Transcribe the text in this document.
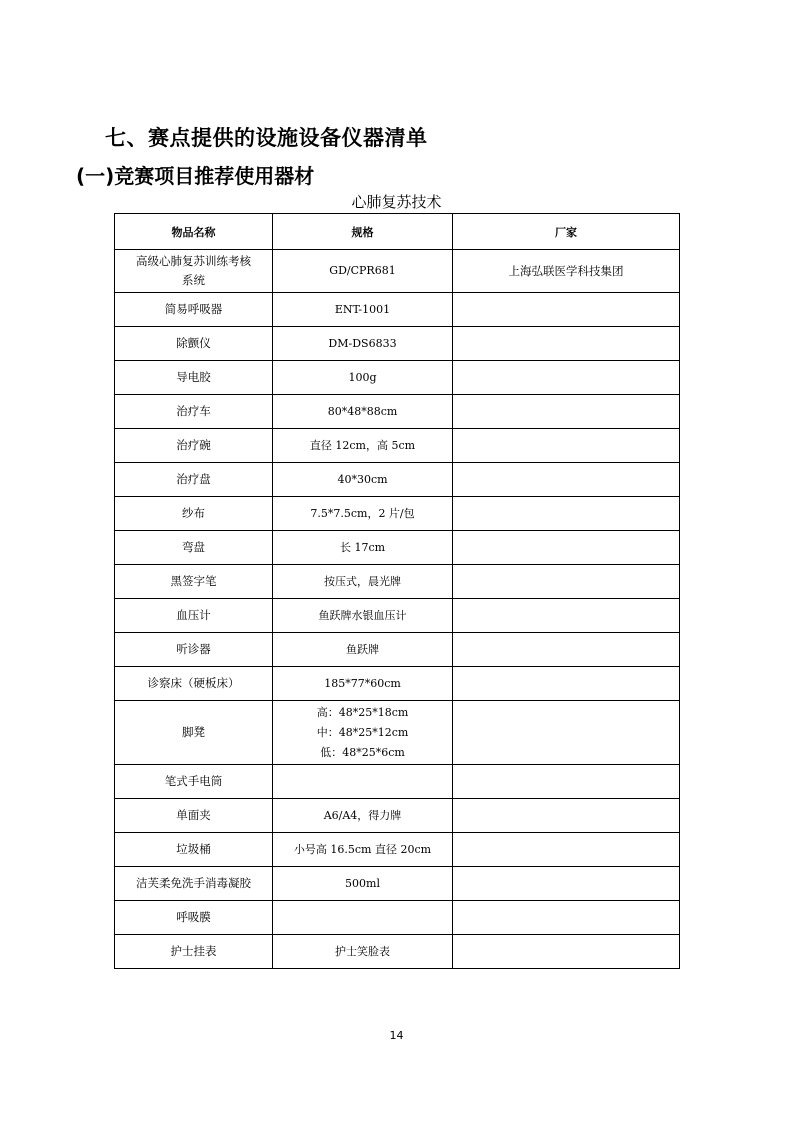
七、赛点提供的设施设备仪器清单
(一)竞赛项目推荐使用器材
心肺复苏技术
物品名称	规格	厂家

高级心肺复苏训练考核系统	GD/CPR681	上海弘联医学科技集团

简易呼吸器	ENT-1001	

除颤仪	DM-DS6833	

导电胶	100g	

治疗车	80*48*88cm	

治疗碗	直径 12cm，高 5cm	

治疗盘	40*30cm	

纱布	7.5*7.5cm，2 片/包	

弯盘	长 17cm	

黑签字笔	按压式，晨光牌	

血压计	鱼跃牌水银血压计	

听诊器	鱼跃牌	

诊察床（硬板床）	185*77*60cm	

脚凳	高：48*25*18cm
中：48*25*12cm
低：48*25*6cm	

笔式手电筒		

单面夹	A6/A4，得力牌	

垃圾桶	小号高 16.5cm 直径 20cm	

洁芙柔免洗手消毒凝胶	500ml	

呼吸膜		

护士挂表	护士笑脸表	

14
